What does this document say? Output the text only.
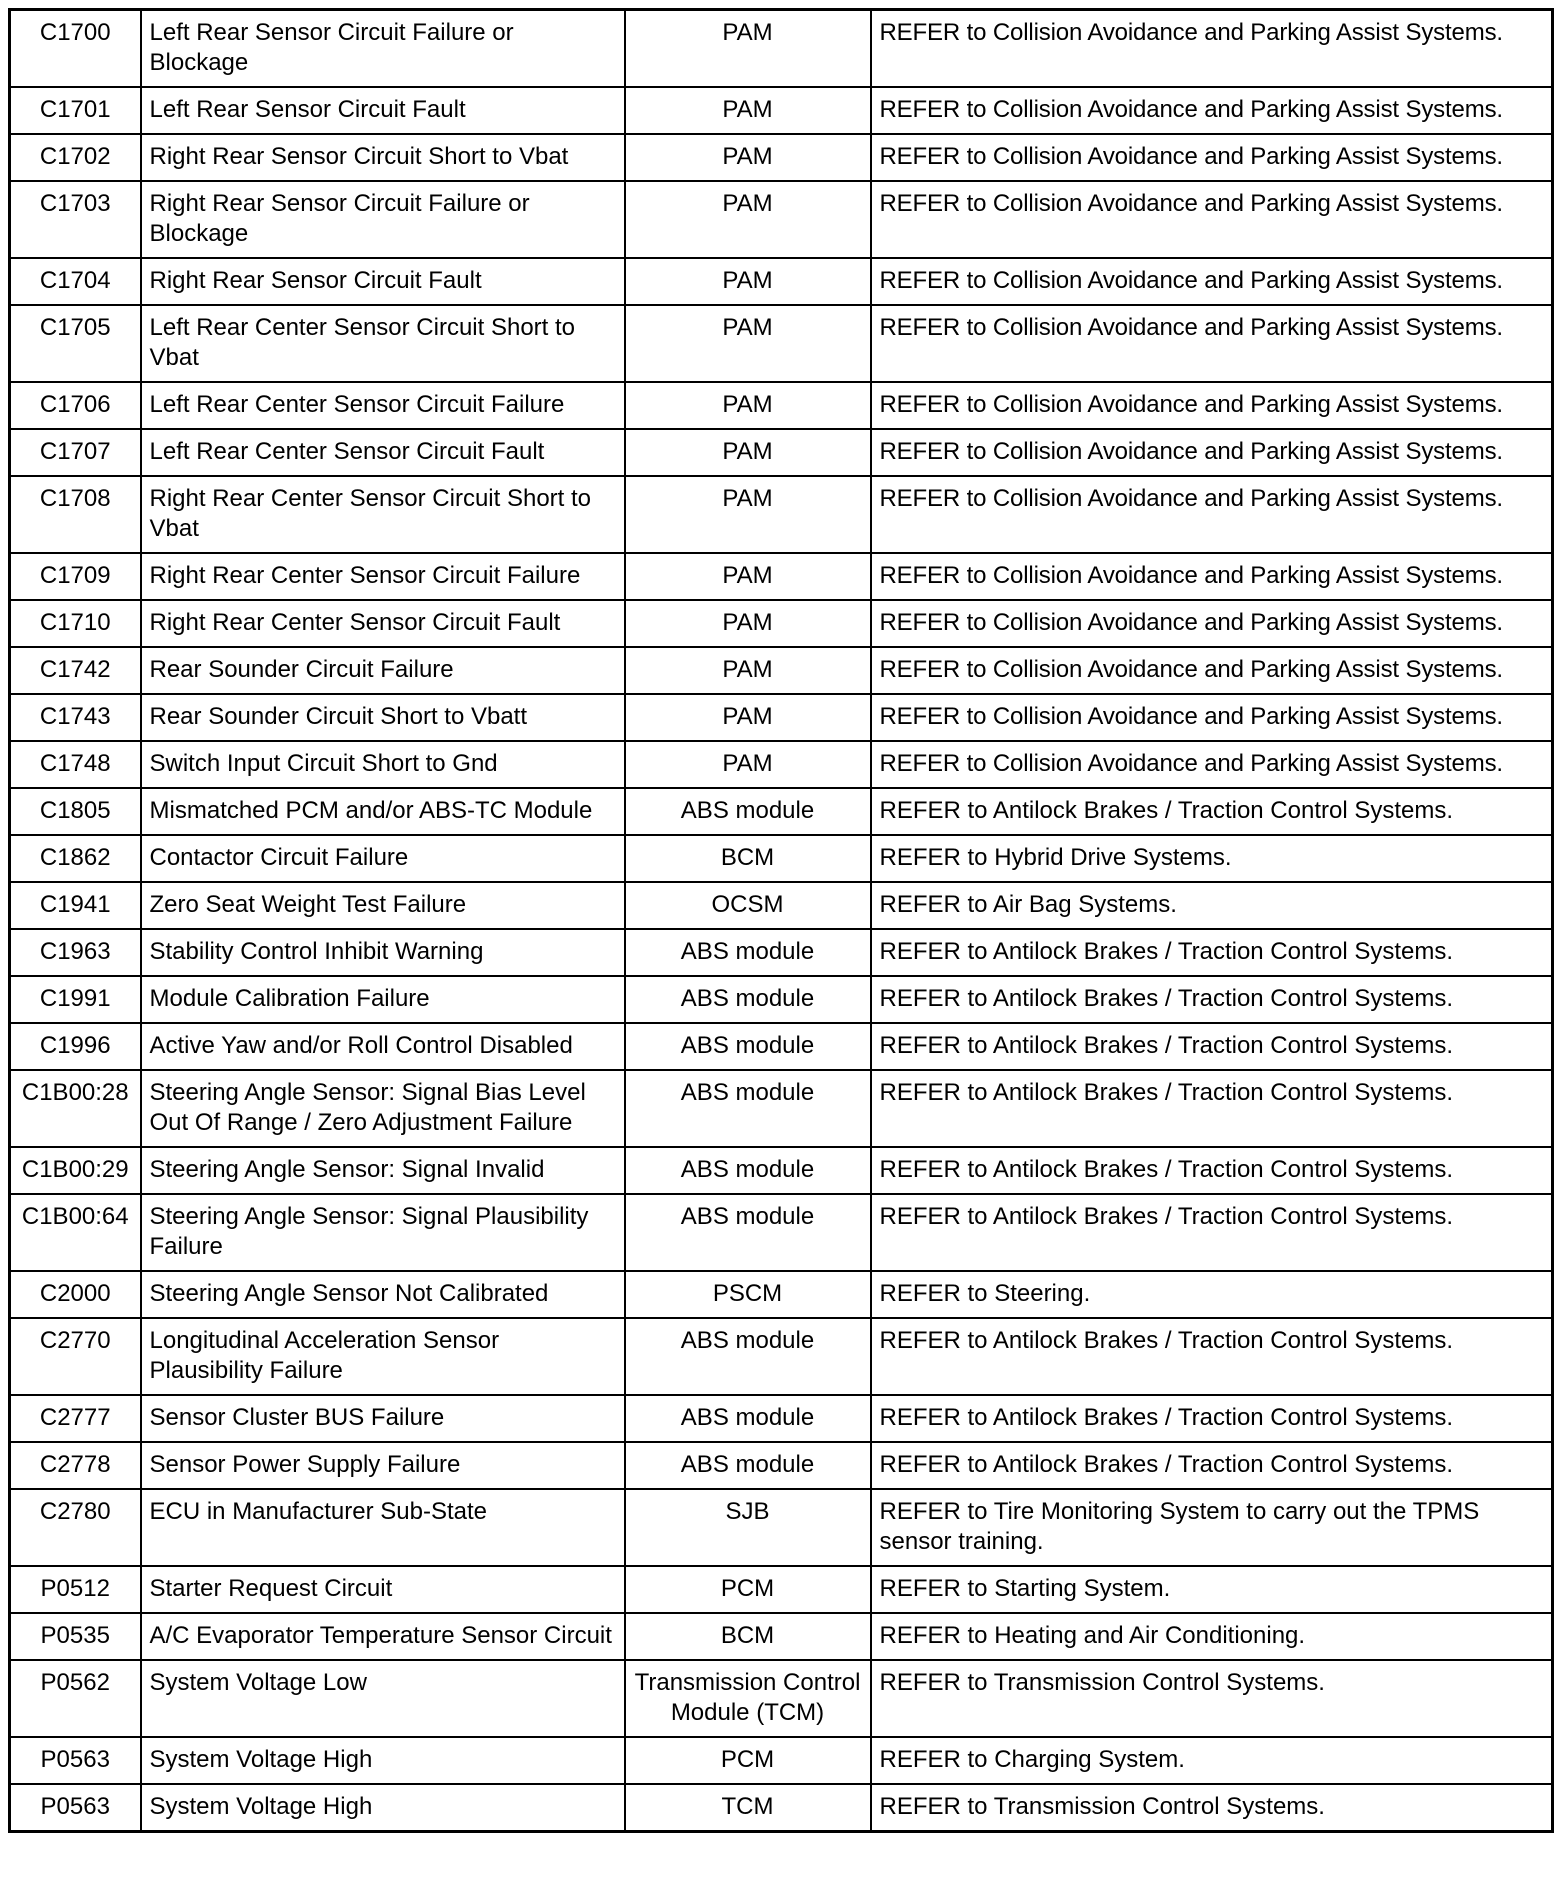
C1700	Left Rear Sensor Circuit Failure or Blockage	PAM	REFER to Collision Avoidance and Parking Assist Systems.
C1701	Left Rear Sensor Circuit Fault	PAM	REFER to Collision Avoidance and Parking Assist Systems.
C1702	Right Rear Sensor Circuit Short to Vbat	PAM	REFER to Collision Avoidance and Parking Assist Systems.
C1703	Right Rear Sensor Circuit Failure or Blockage	PAM	REFER to Collision Avoidance and Parking Assist Systems.
C1704	Right Rear Sensor Circuit Fault	PAM	REFER to Collision Avoidance and Parking Assist Systems.
C1705	Left Rear Center Sensor Circuit Short to Vbat	PAM	REFER to Collision Avoidance and Parking Assist Systems.
C1706	Left Rear Center Sensor Circuit Failure	PAM	REFER to Collision Avoidance and Parking Assist Systems.
C1707	Left Rear Center Sensor Circuit Fault	PAM	REFER to Collision Avoidance and Parking Assist Systems.
C1708	Right Rear Center Sensor Circuit Short to Vbat	PAM	REFER to Collision Avoidance and Parking Assist Systems.
C1709	Right Rear Center Sensor Circuit Failure	PAM	REFER to Collision Avoidance and Parking Assist Systems.
C1710	Right Rear Center Sensor Circuit Fault	PAM	REFER to Collision Avoidance and Parking Assist Systems.
C1742	Rear Sounder Circuit Failure	PAM	REFER to Collision Avoidance and Parking Assist Systems.
C1743	Rear Sounder Circuit Short to Vbatt	PAM	REFER to Collision Avoidance and Parking Assist Systems.
C1748	Switch Input Circuit Short to Gnd	PAM	REFER to Collision Avoidance and Parking Assist Systems.
C1805	Mismatched PCM and/or ABS-TC Module	ABS module	REFER to Antilock Brakes / Traction Control Systems.
C1862	Contactor Circuit Failure	BCM	REFER to Hybrid Drive Systems.
C1941	Zero Seat Weight Test Failure	OCSM	REFER to Air Bag Systems.
C1963	Stability Control Inhibit Warning	ABS module	REFER to Antilock Brakes / Traction Control Systems.
C1991	Module Calibration Failure	ABS module	REFER to Antilock Brakes / Traction Control Systems.
C1996	Active Yaw and/or Roll Control Disabled	ABS module	REFER to Antilock Brakes / Traction Control Systems.
C1B00:28	Steering Angle Sensor: Signal Bias Level Out Of Range / Zero Adjustment Failure	ABS module	REFER to Antilock Brakes / Traction Control Systems.
C1B00:29	Steering Angle Sensor: Signal Invalid	ABS module	REFER to Antilock Brakes / Traction Control Systems.
C1B00:64	Steering Angle Sensor: Signal Plausibility Failure	ABS module	REFER to Antilock Brakes / Traction Control Systems.
C2000	Steering Angle Sensor Not Calibrated	PSCM	REFER to Steering.
C2770	Longitudinal Acceleration Sensor Plausibility Failure	ABS module	REFER to Antilock Brakes / Traction Control Systems.
C2777	Sensor Cluster BUS Failure	ABS module	REFER to Antilock Brakes / Traction Control Systems.
C2778	Sensor Power Supply Failure	ABS module	REFER to Antilock Brakes / Traction Control Systems.
C2780	ECU in Manufacturer Sub-State	SJB	REFER to Tire Monitoring System to carry out the TPMS sensor training.
P0512	Starter Request Circuit	PCM	REFER to Starting System.
P0535	A/C Evaporator Temperature Sensor Circuit	BCM	REFER to Heating and Air Conditioning.
P0562	System Voltage Low	Transmission Control Module (TCM)	REFER to Transmission Control Systems.
P0563	System Voltage High	PCM	REFER to Charging System.
P0563	System Voltage High	TCM	REFER to Transmission Control Systems.
